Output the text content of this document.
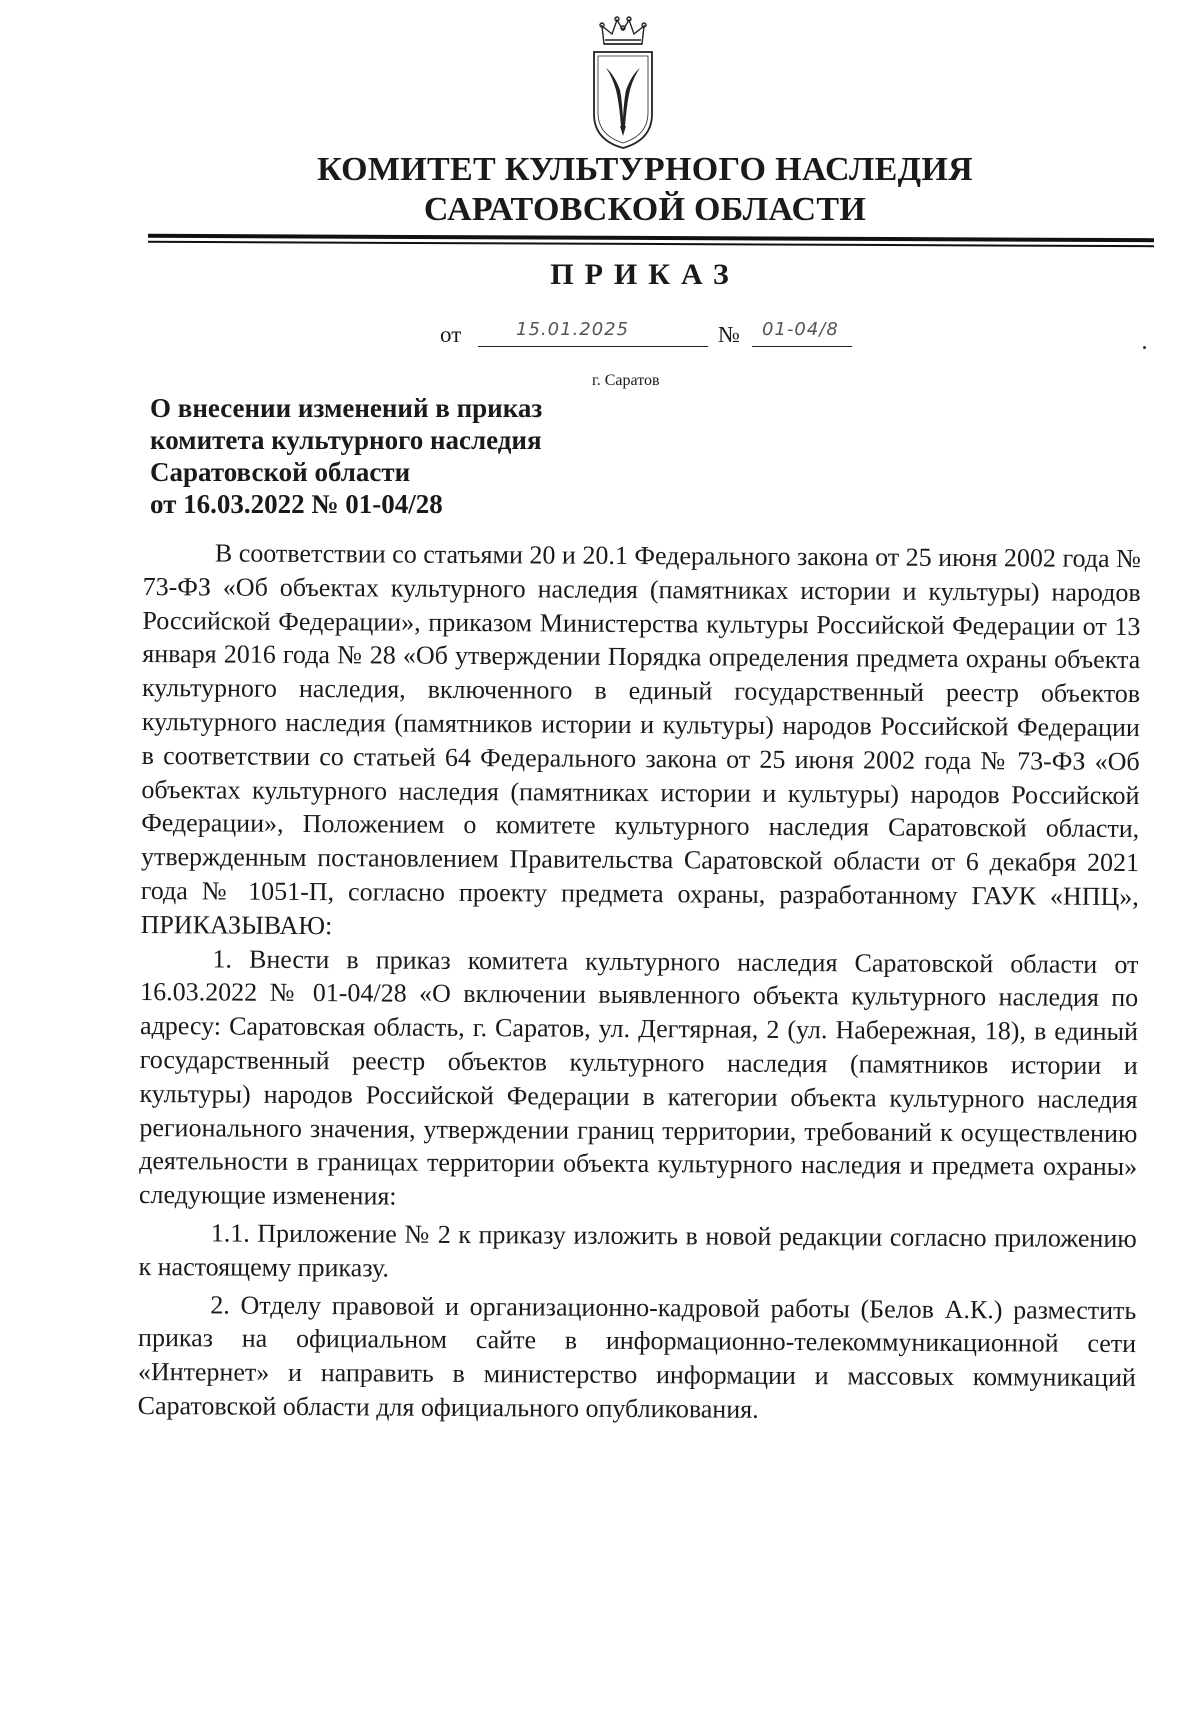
КОМИТЕТ КУЛЬТУРНОГО НАСЛЕДИЯ
САРАТОВСКОЙ ОБЛАСТИ
ПРИКАЗ
от	15.01.2025	№ 01-04/8
г. Саратов
О внесении изменений в приказ
комитета культурного наследия
Саратовской области
от 16.03.2022 № 01-04/28

В соответствии со статьями 20 и 20.1 Федерального закона от 25 июня 2002 года № 73-ФЗ «Об объектах культурного наследия (памятниках истории и культуры) народов Российской Федерации», приказом Министерства культуры Российской Федерации от 13 января 2016 года № 28 «Об утверждении Порядка определения предмета охраны объекта культурного наследия, включенного в единый государственный реестр объектов культурного наследия (памятников истории и культуры) народов Российской Федерации в соответствии со статьей 64 Федерального закона от 25 июня 2002 года № 73-ФЗ «Об объектах культурного наследия (памятниках истории и культуры) народов Российской Федерации», Положением о комитете культурного наследия Саратовской области, утвержденным постановлением Правительства Саратовской области от 6 декабря 2021 года № 1051-П, согласно проекту предмета охраны, разработанному ГАУК «НПЦ», ПРИКАЗЫВАЮ:

1. Внести в приказ комитета культурного наследия Саратовской области от 16.03.2022 № 01-04/28 «О включении выявленного объекта культурного наследия по адресу: Саратовская область, г. Саратов, ул. Дегтярная, 2 (ул. Набережная, 18), в единый государственный реестр объектов культурного наследия (памятников истории и культуры) народов Российской Федерации в категории объекта культурного наследия регионального значения, утверждении границ территории, требований к осуществлению деятельности в границах территории объекта культурного наследия и предмета охраны» следующие изменения:

1.1. Приложение № 2 к приказу изложить в новой редакции согласно приложению к настоящему приказу.

2. Отделу правовой и организационно-кадровой работы (Белов А.К.) разместить приказ на официальном сайте в информационно-телекоммуникационной сети «Интернет» и направить в министерство информации и массовых коммуникаций Саратовской области для официального опубликования.
